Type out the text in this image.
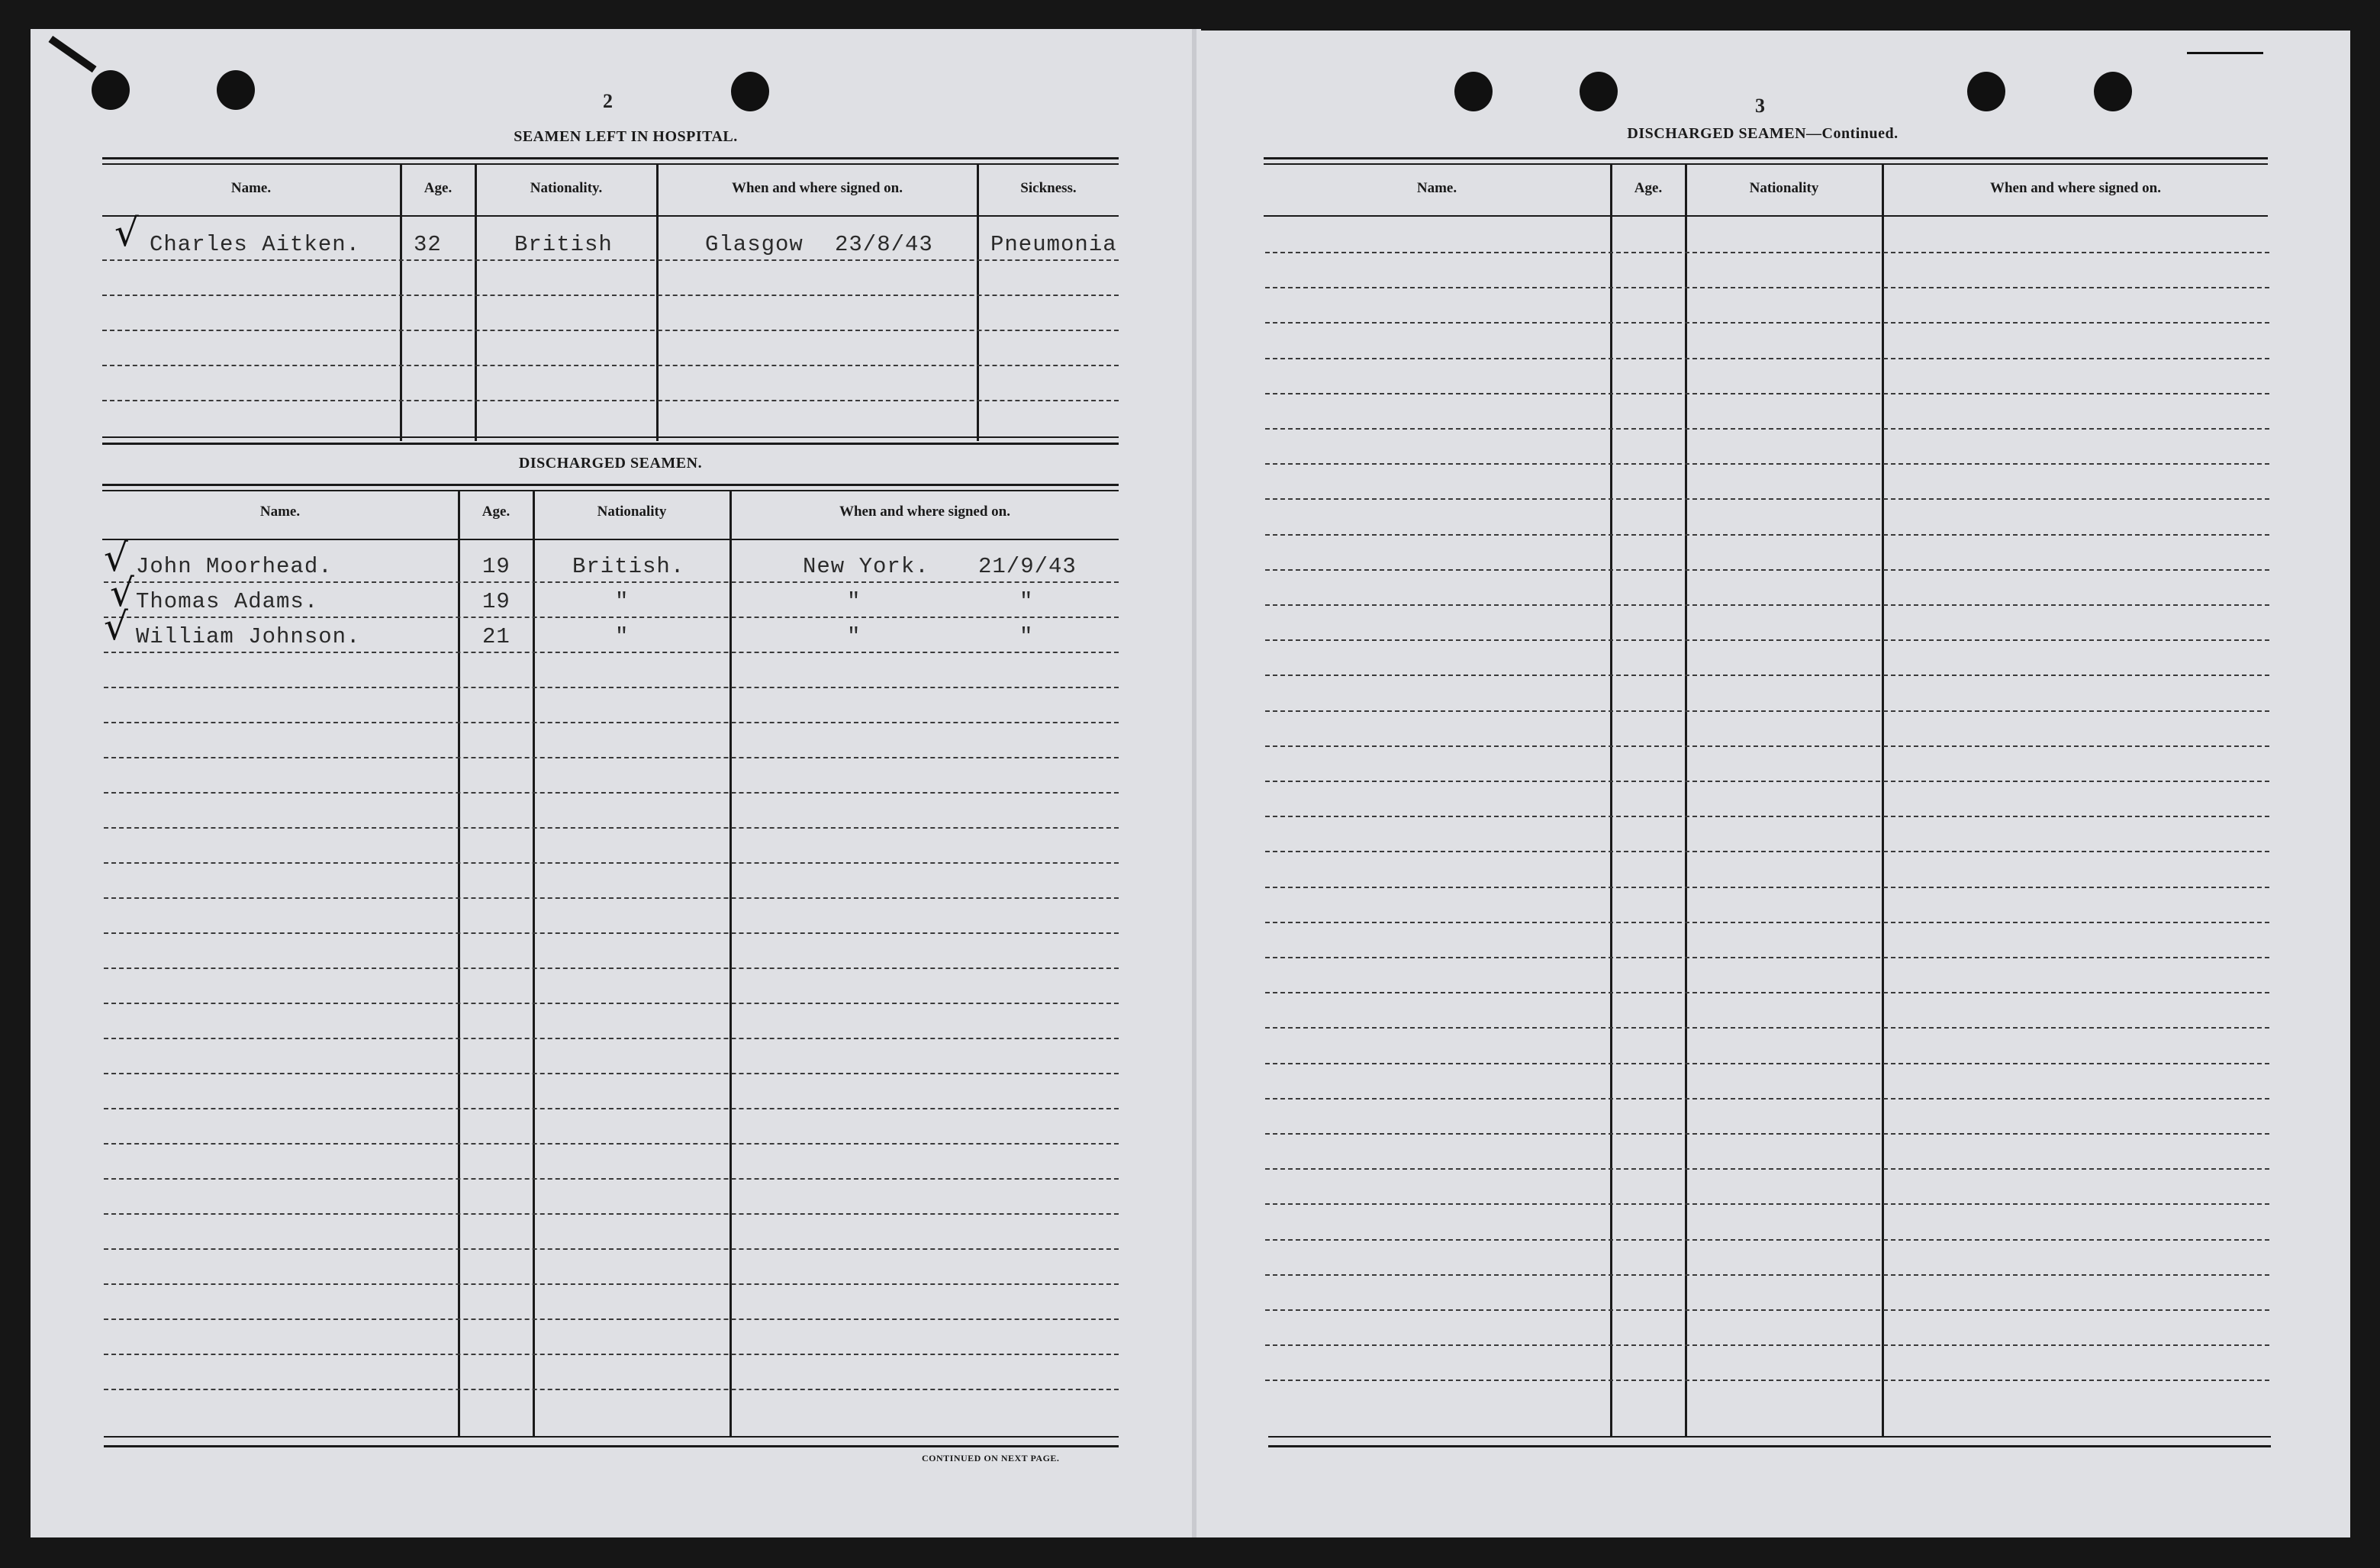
2
SEAMEN LEFT IN HOSPITAL.
Name.	Age.	Nationality.	When and where signed on.	Sickness.
√ Charles Aitken. 32	British	Glasgow 23/8/43	Pneumonia
DISCHARGED SEAMEN.
Name.	Age.	Nationality	When and where signed on.
√ John Moorhead.	19	British.	New York. 21/9/43
√ Thomas Adams.	19	"	"	"
√ William Johnson.	21	"	"	"
CONTINUED ON NEXT PAGE.
3
DISCHARGED SEAMEN—Continued.
Name.	Age.	Nationality	When and where signed on.
